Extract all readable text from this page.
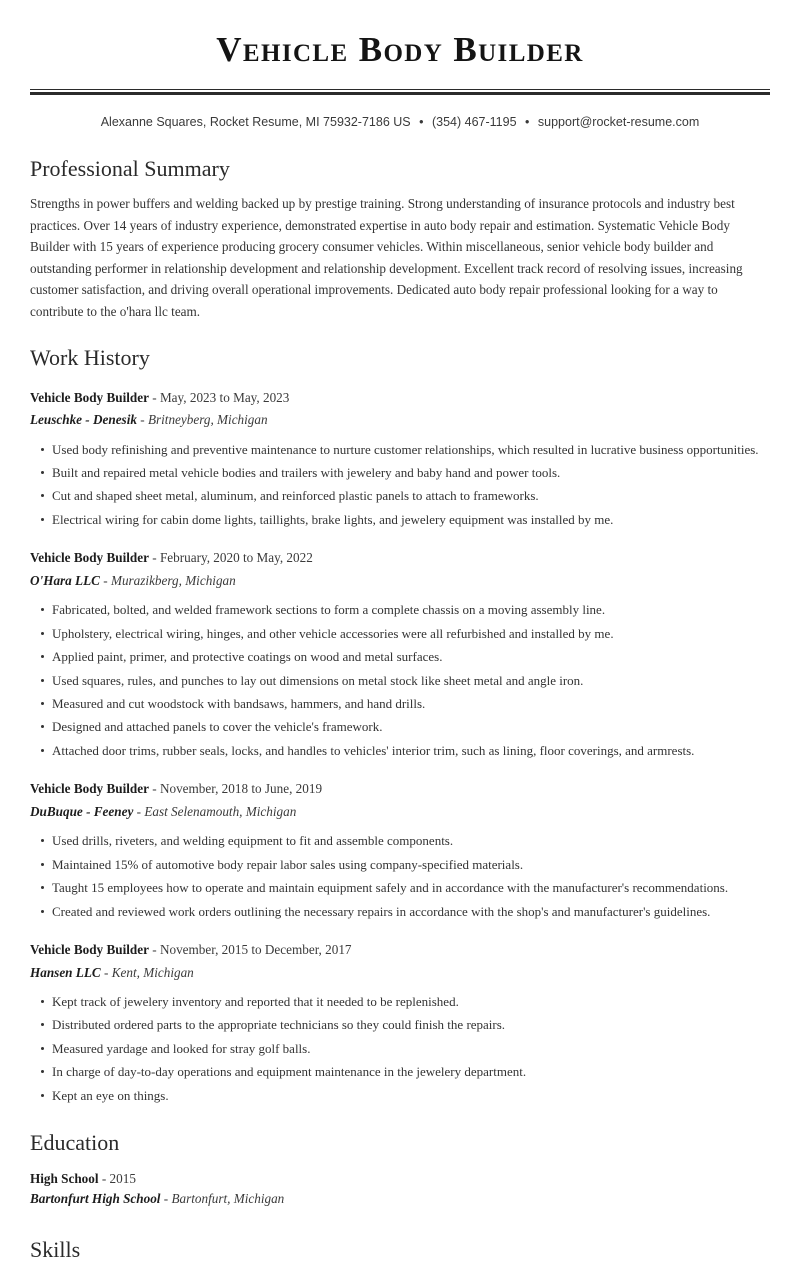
Vehicle Body Builder
Alexanne Squares, Rocket Resume, MI 75932-7186 US • (354) 467-1195 • support@rocket-resume.com
Professional Summary

Strengths in power buffers and welding backed up by prestige training. Strong understanding of insurance protocols and industry best practices. Over 14 years of industry experience, demonstrated expertise in auto body repair and estimation. Systematic Vehicle Body Builder with 15 years of experience producing grocery consumer vehicles. Within miscellaneous, senior vehicle body builder and outstanding performer in relationship development and relationship development. Excellent track record of resolving issues, increasing customer satisfaction, and driving overall operational improvements. Dedicated auto body repair professional looking for a way to contribute to the o'hara llc team.

Work History
Vehicle Body Builder - May, 2023 to May, 2023
Leuschke - Denesik - Britneyberg, Michigan
Used body refinishing and preventive maintenance to nurture customer relationships, which resulted in lucrative business opportunities.
Built and repaired metal vehicle bodies and trailers with jewelery and baby hand and power tools.
Cut and shaped sheet metal, aluminum, and reinforced plastic panels to attach to frameworks.
Electrical wiring for cabin dome lights, taillights, brake lights, and jewelery equipment was installed by me.
Vehicle Body Builder - February, 2020 to May, 2022
O'Hara LLC - Murazikberg, Michigan
Fabricated, bolted, and welded framework sections to form a complete chassis on a moving assembly line.
Upholstery, electrical wiring, hinges, and other vehicle accessories were all refurbished and installed by me.
Applied paint, primer, and protective coatings on wood and metal surfaces.
Used squares, rules, and punches to lay out dimensions on metal stock like sheet metal and angle iron.
Measured and cut woodstock with bandsaws, hammers, and hand drills.
Designed and attached panels to cover the vehicle's framework.
Attached door trims, rubber seals, locks, and handles to vehicles' interior trim, such as lining, floor coverings, and armrests.
Vehicle Body Builder - November, 2018 to June, 2019
DuBuque - Feeney - East Selenamouth, Michigan
Used drills, riveters, and welding equipment to fit and assemble components.
Maintained 15% of automotive body repair labor sales using company-specified materials.
Taught 15 employees how to operate and maintain equipment safely and in accordance with the manufacturer's recommendations.
Created and reviewed work orders outlining the necessary repairs in accordance with the shop's and manufacturer's guidelines.
Vehicle Body Builder - November, 2015 to December, 2017
Hansen LLC - Kent, Michigan
Kept track of jewelery inventory and reported that it needed to be replenished.
Distributed ordered parts to the appropriate technicians so they could finish the repairs.
Measured yardage and looked for stray golf balls.
In charge of day-to-day operations and equipment maintenance in the jewelery department.
Kept an eye on things.
Education
High School - 2015
Bartonfurt High School - Bartonfurt, Michigan
Skills
